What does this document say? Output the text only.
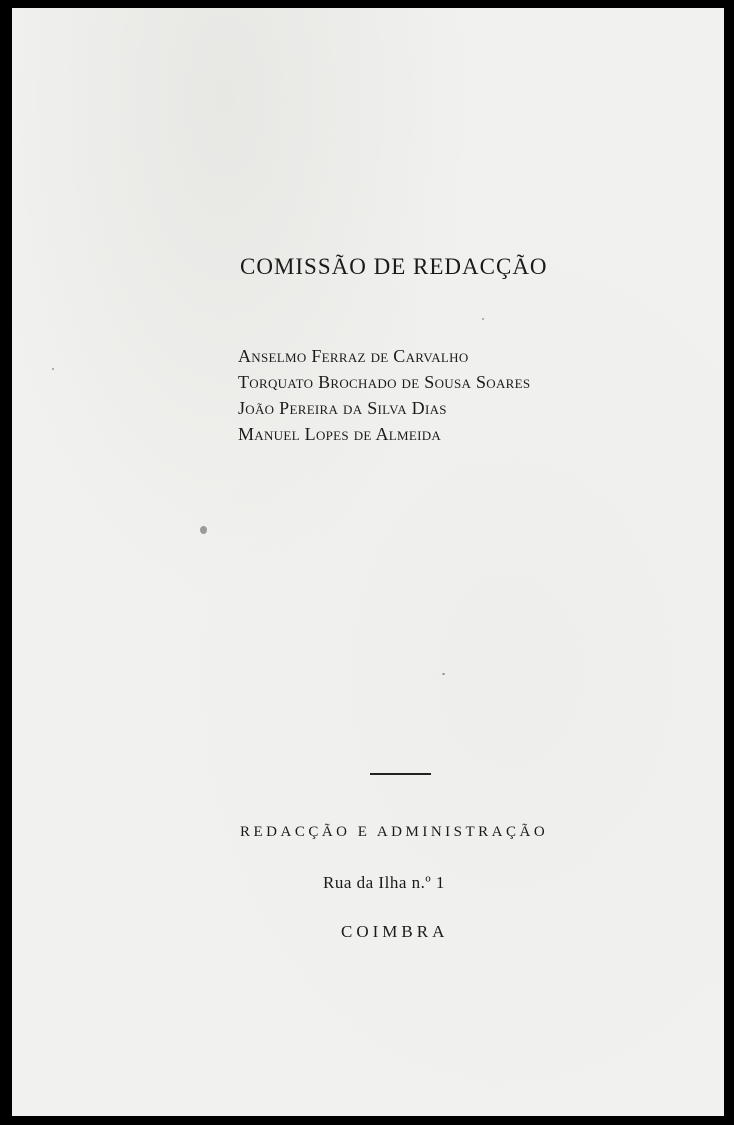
COMISSÃO DE REDACÇÃO
Anselmo Ferraz de Carvalho
Torquato Brochado de Sousa Soares
João Pereira da Silva Dias
Manuel Lopes de Almeida
REDACÇÃO E ADMINISTRAÇÃO
Rua da Ilha n.º 1
COIMBRA
